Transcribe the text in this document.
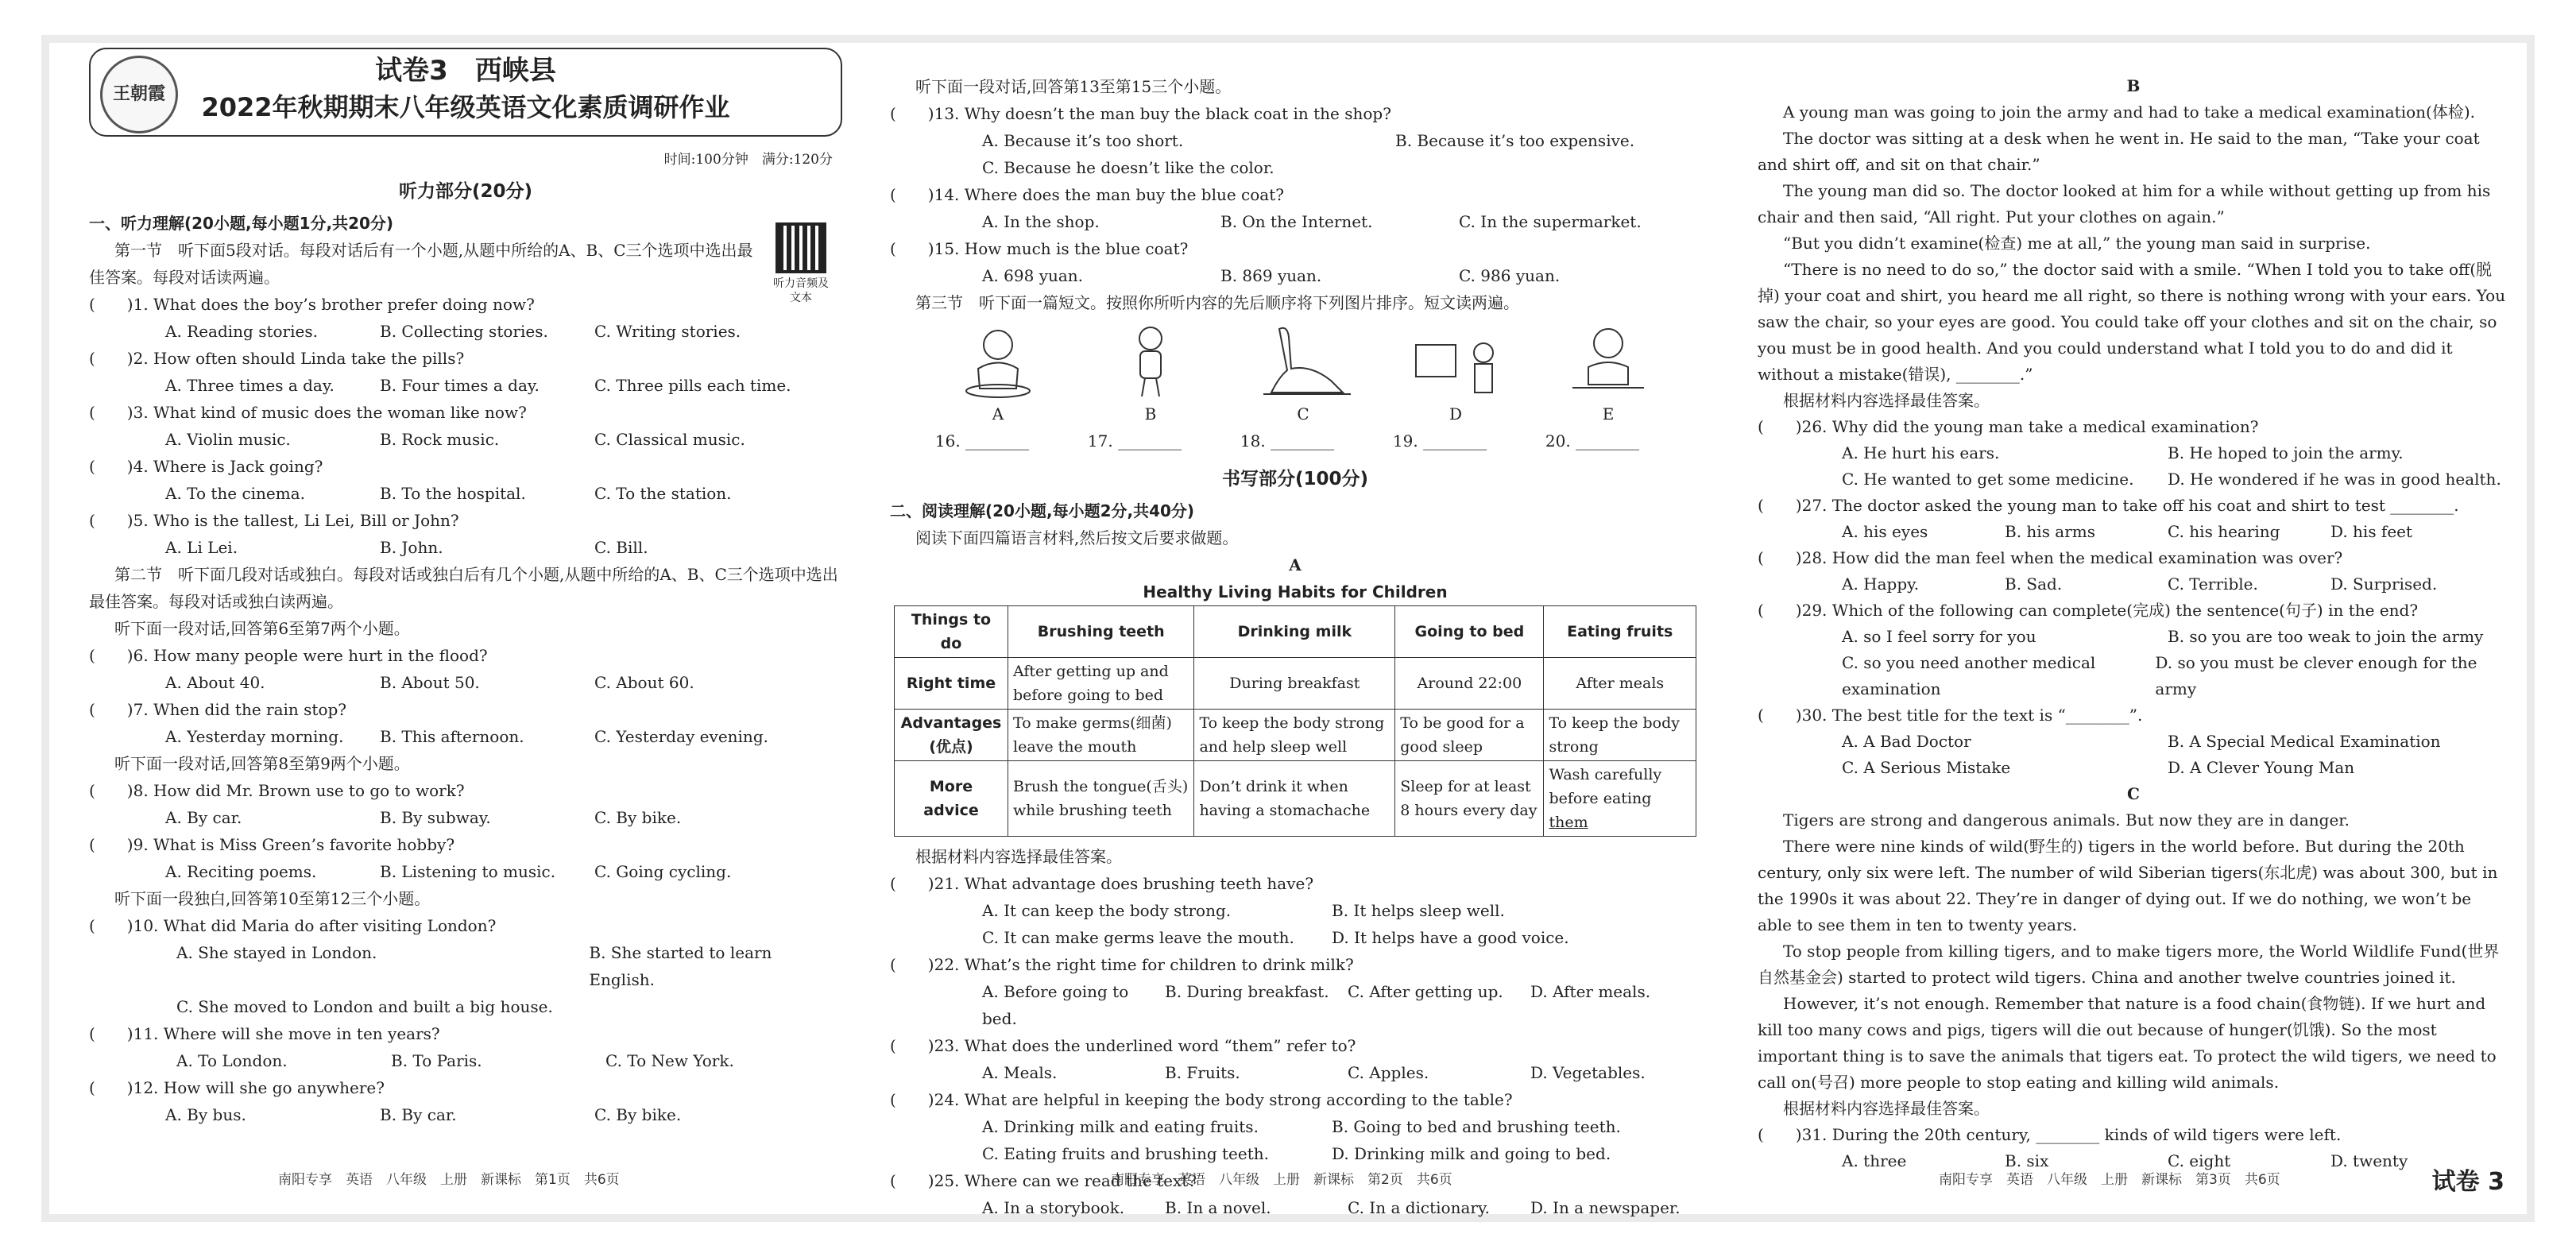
王朝霞
试卷3　西峡县
2022年秋期期末八年级英语文化素质调研作业
时间:100分钟　满分:120分
听力音频及文本
听力部分(20分)
一、听力理解(20小题,每小题1分,共20分)
第一节　听下面5段对话。每段对话后有一个小题,从题中所给的A、B、C三个选项中选出最佳答案。每段对话读两遍。
(　　)1. What does the boy’s brother prefer doing now?
A. Reading stories.	B. Collecting stories.	C. Writing stories.
(　　)2. How often should Linda take the pills?
A. Three times a day.	B. Four times a day.	C. Three pills each time.
(　　)3. What kind of music does the woman like now?
A. Violin music.	B. Rock music.	C. Classical music.
(　　)4. Where is Jack going?
A. To the cinema.	B. To the hospital.	C. To the station.
(　　)5. Who is the tallest, Li Lei, Bill or John?
A. Li Lei.	B. John.	C. Bill.
第二节　听下面几段对话或独白。每段对话或独白后有几个小题,从题中所给的A、B、C三个选项中选出最佳答案。每段对话或独白读两遍。
听下面一段对话,回答第6至第7两个小题。
(　　)6. How many people were hurt in the flood?
A. About 40.	B. About 50.	C. About 60.
(　　)7. When did the rain stop?
A. Yesterday morning.	B. This afternoon.	C. Yesterday evening.
听下面一段对话,回答第8至第9两个小题。
(　　)8. How did Mr. Brown use to go to work?
A. By car.	B. By subway.	C. By bike.
(　　)9. What is Miss Green’s favorite hobby?
A. Reciting poems.	B. Listening to music.	C. Going cycling.
听下面一段独白,回答第10至第12三个小题。
(　　)10. What did Maria do after visiting London?
A. She stayed in London.	B. She started to learn English.
C. She moved to London and built a big house.
(　　)11. Where will she move in ten years?
A. To London.	B. To Paris.	C. To New York.
(　　)12. How will she go anywhere?
A. By bus.	B. By car.	C. By bike.
听下面一段对话,回答第13至第15三个小题。
(　　)13. Why doesn’t the man buy the black coat in the shop?
A. Because it’s too short.	B. Because it’s too expensive.
C. Because he doesn’t like the color.
(　　)14. Where does the man buy the blue coat?
A. In the shop.	B. On the Internet.	C. In the supermarket.
(　　)15. How much is the blue coat?
A. 698 yuan.	B. 869 yuan.	C. 986 yuan.
第三节　听下面一篇短文。按照你所听内容的先后顺序将下列图片排序。短文读两遍。
A	B	C	D	E
16. ________	17. ________	18. ________	19. ________	20. ________
书写部分(100分)
二、阅读理解(20小题,每小题2分,共40分)
阅读下面四篇语言材料,然后按文后要求做题。
A
Healthy Living Habits for Children
Things to do	Brushing teeth	Drinking milk	Going to bed	Eating fruits
Right time	After getting up and before going to bed	During breakfast	Around 22:00	After meals
Advantages (优点)	To make germs(细菌) leave the mouth	To keep the body strong and help sleep well	To be good for a good sleep	To keep the body strong
More advice	Brush the tongue(舌头) while brushing teeth	Don’t drink it when having a stomachache	Sleep for at least 8 hours every day	Wash carefully before eating them
根据材料内容选择最佳答案。
(　　)21. What advantage does brushing teeth have?
A. It can keep the body strong.	B. It helps sleep well.
C. It can make germs leave the mouth.	D. It helps have a good voice.
(　　)22. What’s the right time for children to drink milk?
A. Before going to bed.
B. During breakfast.	C. After getting up.	D. After meals.
(　　)23. What does the underlined word “them” refer to?
A. Meals.	B. Fruits.	C. Apples.	D. Vegetables.
(　　)24. What are helpful in keeping the body strong according to the table?
A. Drinking milk and eating fruits.	B. Going to bed and brushing teeth.
C. Eating fruits and brushing teeth.	D. Drinking milk and going to bed.
(　　)25. Where can we read the text?
A. In a storybook.	B. In a novel.	C. In a dictionary.	D. In a newspaper.
B
A young man was going to join the army and had to take a medical examination(体检).
The doctor was sitting at a desk when he went in. He said to the man, “Take your coat and shirt off, and sit on that chair.”
The young man did so. The doctor looked at him for a while without getting up from his chair and then said, “All right. Put your clothes on again.”
“But you didn’t examine(检查) me at all,” the young man said in surprise.
“There is no need to do so,” the doctor said with a smile. “When I told you to take off(脱掉) your coat and shirt, you heard me all right, so there is nothing wrong with your ears. You saw the chair, so your eyes are good. You could take off your clothes and sit on the chair, so you must be in good health. And you could understand what I told you to do and did it without a mistake(错误), ________.”
根据材料内容选择最佳答案。
(　　)26. Why did the young man take a medical examination?
A. He hurt his ears.	B. He hoped to join the army.
C. He wanted to get some medicine.	D. He wondered if he was in good health.
(　　)27. The doctor asked the young man to take off his coat and shirt to test ________.
A. his eyes	B. his arms	C. his hearing	D. his feet
(　　)28. How did the man feel when the medical examination was over?
A. Happy.	B. Sad.	C. Terrible.	D. Surprised.
(　　)29. Which of the following can complete(完成) the sentence(句子) in the end?
A. so I feel sorry for you	B. so you are too weak to join the army
C. so you need another medical examination
D. so you must be clever enough for the army
(　　)30. The best title for the text is “________”.
A. A Bad Doctor	B. A Special Medical Examination
C. A Serious Mistake	D. A Clever Young Man
C
Tigers are strong and dangerous animals. But now they are in danger.
There were nine kinds of wild(野生的) tigers in the world before. But during the 20th century, only six were left. The number of wild Siberian tigers(东北虎) was about 300, but in the 1990s it was about 22. They’re in danger of dying out. If we do nothing, we won’t be able to see them in ten to twenty years.
To stop people from killing tigers, and to make tigers more, the World Wildlife Fund(世界自然基金会) started to protect wild tigers. China and another twelve countries joined it.
However, it’s not enough. Remember that nature is a food chain(食物链). If we hurt and kill too many cows and pigs, tigers will die out because of hunger(饥饿). So the most important thing is to save the animals that tigers eat. To protect the wild tigers, we need to call on(号召) more people to stop eating and killing wild animals.
根据材料内容选择最佳答案。
(　　)31. During the 20th century, ________ kinds of wild tigers were left.
A. three	B. six	C. eight	D. twenty
南阳专享　英语　八年级　上册　新课标　第1页　共6页	南阳专享　英语　八年级　上册　新课标　第2页　共6页	南阳专享　英语　八年级　上册　新课标　第3页　共6页	试卷 3
